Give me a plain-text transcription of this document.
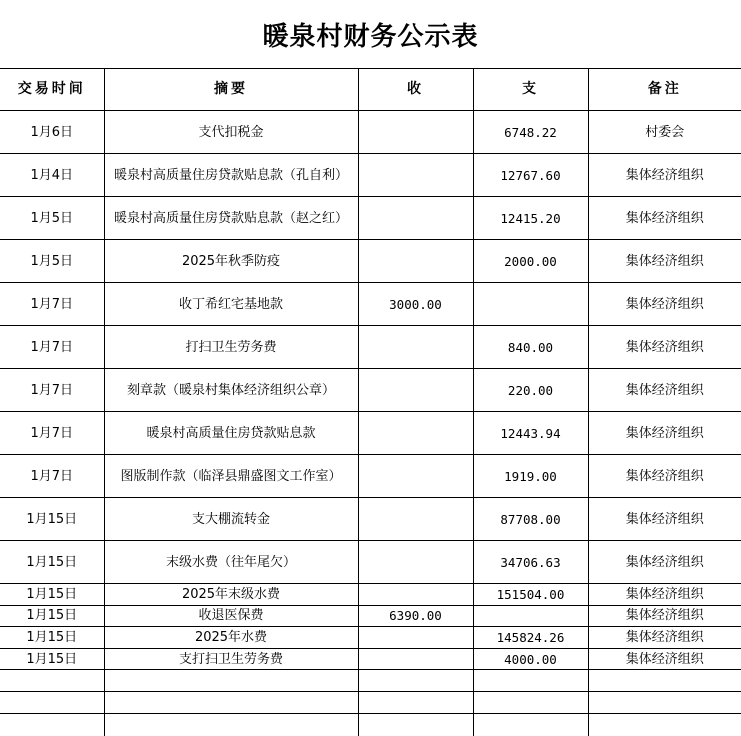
暖泉村财务公示表
交易时间	摘要	收	支	备注
1月6日	支代扣税金		6748.22	村委会
1月4日	暖泉村高质量住房贷款贴息款（孔自利）		12767.60	集体经济组织
1月5日	暖泉村高质量住房贷款贴息款（赵之红）		12415.20	集体经济组织
1月5日	2025年秋季防疫		2000.00	集体经济组织
1月7日	收丁希红宅基地款	3000.00		集体经济组织
1月7日	打扫卫生劳务费		840.00	集体经济组织
1月7日	刻章款（暖泉村集体经济组织公章）		220.00	集体经济组织
1月7日	暖泉村高质量住房贷款贴息款		12443.94	集体经济组织
1月7日	图版制作款（临泽县鼎盛图文工作室）		1919.00	集体经济组织
1月15日	支大棚流转金		87708.00	集体经济组织
1月15日	末级水费（往年尾欠）		34706.63	集体经济组织
1月15日	2025年末级水费		151504.00	集体经济组织
1月15日	收退医保费	6390.00		集体经济组织
1月15日	2025年水费		145824.26	集体经济组织
1月15日	支打扫卫生劳务费		4000.00	集体经济组织
